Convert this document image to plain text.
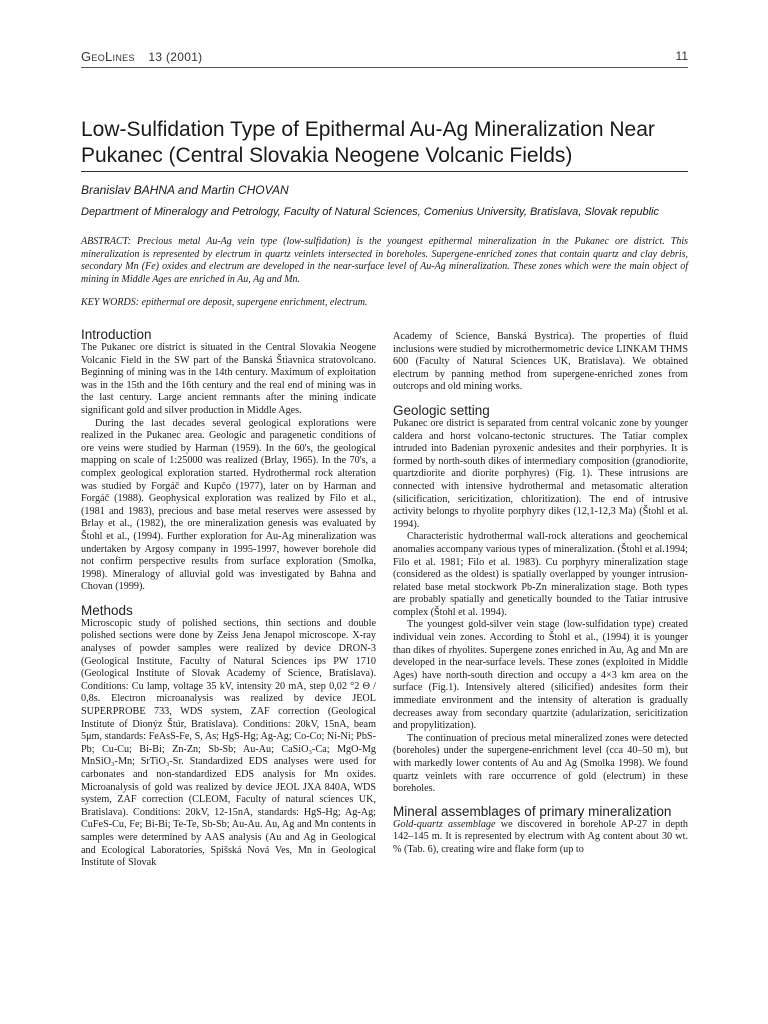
GeoLines 13 (2001)	11
Low-Sulfidation Type of Epithermal Au-Ag Mineralization Near Pukanec (Central Slovakia Neogene Volcanic Fields)
Branislav BAHNA and Martin CHOVAN
Department of Mineralogy and Petrology, Faculty of Natural Sciences, Comenius University, Bratislava, Slovak republic

ABSTRACT: Precious metal Au-Ag vein type (low-sulfidation) is the youngest epithermal mineralization in the Pukanec ore district. This mineralization is represented by electrum in quartz veinlets intersected in boreholes. Supergene-enriched zones that contain quartz and clay debris, secondary Mn (Fe) oxides and electrum are developed in the near-surface level of Au-Ag mineralization. These zones which were the main object of mining in Middle Ages are enriched in Au, Ag and Mn.

KEY WORDS: epithermal ore deposit, supergene enrichment, electrum.

Introduction

The Pukanec ore district is situated in the Central Slovakia Neogene Volcanic Field in the SW part of the Banská Štiavnica stratovolcano. Beginning of mining was in the 14th century. Maximum of exploitation was in the 15th and the 16th century and the real end of mining was in the last century. Large ancient remnants after the mining indicate significant gold and silver production in Middle Ages.

During the last decades several geological explorations were realized in the Pukanec area. Geologic and paragenetic conditions of ore veins were studied by Harman (1959). In the 60's, the geological mapping on scale of 1:25000 was realized (Brlay, 1965). In the 70's, a complex geological exploration started. Hydrothermal rock alteration was studied by Forgáč and Kupčo (1977), later on by Harman and Forgáč (1988). Geophysical exploration was realized by Filo et al., (1981 and 1983), precious and base metal reserves were assessed by Brlay et al., (1982), the ore mineralization genesis was evaluated by Štohl et al., (1994). Further exploration for Au-Ag mineralization was undertaken by Argosy company in 1995-1997, however borehole did not confirm perspective results from surface exploration (Smolka, 1998). Mineralogy of alluvial gold was investigated by Bahna and Chovan (1999).

Methods

Microscopic study of polished sections, thin sections and double polished sections were done by Zeiss Jena Jenapol microscope. X-ray analyses of powder samples were realized by device DRON-3 (Geological Institute, Faculty of Natural Sciences ips PW 1710 (Geological Institute of Slovak Academy of Science, Bratislava). Conditions: Cu lamp, voltage 35 kV, intensity 20 mA, step 0,02 °2 Θ / 0,8s. Electron microanalysis was realized by device JEOL SUPERPROBE 733, WDS system, ZAF correction (Geological Institute of Dionýz Štúr, Bratislava). Conditions: 20kV, 15nA, beam 5μm, standards: FeAsS-Fe, S, As; HgS-Hg; Ag-Ag; Co-Co; Ni-Ni; PbS-Pb; Cu-Cu; Bi-Bi; Zn-Zn; Sb-Sb; Au-Au; CaSiO₃-Ca; MgO-Mg MnSiO₃-Mn; SrTiO₃-Sr. Standardized EDS analyses were used for carbonates and non-standardized EDS analysis for Mn oxides. Microanalysis of gold was realized by device JEOL JXA 840A, WDS system, ZAF correction (CLEOM, Faculty of natural sciences UK, Bratislava). Conditions: 20kV, 12-15nA, standards: HgS-Hg; Ag-Ag; CuFeS-Cu, Fe; Bi-Bi; Te-Te, Sb-Sb; Au-Au. Au, Ag and Mn contents in samples were determined by AAS analysis (Au and Ag in Geological and Ecological Laboratories, Spišská Nová Ves, Mn in Geological Institute of Slovak

Academy of Science, Banská Bystrica). The properties of fluid inclusions were studied by microthermometric device LINKAM THMS 600 (Faculty of Natural Sciences UK, Bratislava). We obtained electrum by panning method from supergene-enriched zones from outcrops and old mining works.

Geologic setting

Pukanec ore district is separated from central volcanic zone by younger caldera and horst volcano-tectonic structures. The Tatiar complex intruded into Badenian pyroxenic andesites and their porphyries. It is formed by north-south dikes of intermediary composition (granodiorite, quartzdiorite and diorite porphyres) (Fig. 1). These intrusions are connected with intensive hydrothermal and metasomatic alteration (silicification, sericitization, chloritization). The end of intrusive activity belongs to rhyolite porphyry dikes (12,1-12,3 Ma) (Štohl et al. 1994).

Characteristic hydrothermal wall-rock alterations and geochemical anomalies accompany various types of mineralization. (Štohl et al.1994; Filo et al. 1981; Filo et al. 1983). Cu porphyry mineralization stage (considered as the oldest) is spatially overlapped by younger intrusion-related base metal stockwork Pb-Zn mineralization stage. Both types are probably spatially and genetically bounded to the Tatiar intrusive complex (Štohl et al. 1994).

The youngest gold-silver vein stage (low-sulfidation type) created individual vein zones. According to Štohl et al., (1994) it is younger than dikes of rhyolites. Supergene zones enriched in Au, Ag and Mn are developed in the near-surface levels. These zones (exploited in Middle Ages) have north-south direction and occupy a 4×3 km area on the surface (Fig.1). Intensively altered (silicified) andesites form their immediate environment and the intensity of alteration is gradually decreases away from secondary quartzite (adularization, sericitization and propylitization).

The continuation of precious metal mineralized zones were detected (boreholes) under the supergene-enrichment level (cca 40–50 m), but with markedly lower contents of Au and Ag (Smolka 1998). We found quartz veinlets with rare occurrence of gold (electrum) in these boreholes.

Mineral assemblages of primary mineralization

Gold-quartz assemblage we discovered in borehole AP-27 in depth 142–145 m. It is represented by electrum with Ag content about 30 wt. % (Tab. 6), creating wire and flake form (up to
